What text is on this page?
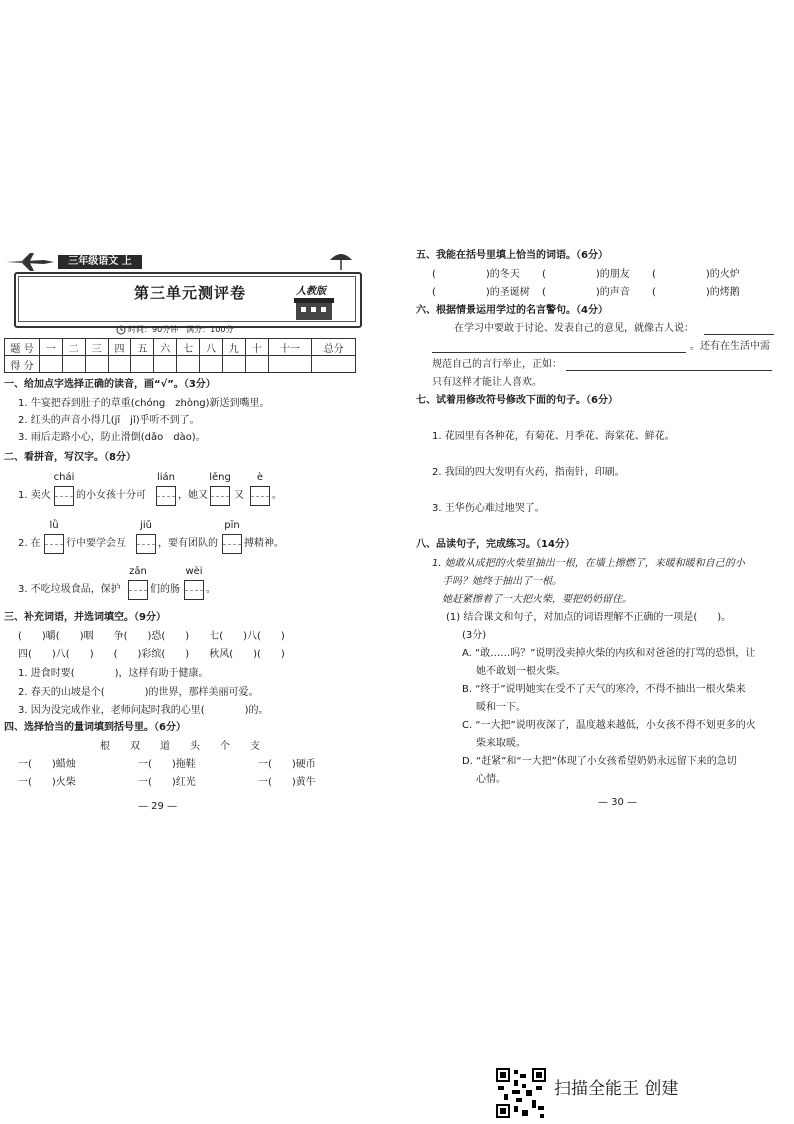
三年级语文 上
第三单元测评卷	人教版
时间：90分钟　满分：100分
题 号	一	二	三	四	五	六	七	八	九	十	十一	总分
得 分												
一、给加点字选择正确的读音，画“√”。（3分）
1. 牛宴把吞到肚子的草重(chóng　zhòng)新送到嘴里。
2. 红头的声音小得几(jī　jǐ)乎听不到了。
3. 雨后走路小心，防止滑倒(dǎo　dào)。
二、看拼音，写汉字。（8分）
chái	lián	lěng	è
1. 卖火	的小女孩十分可	，她又	又	。
lǜ	jiǔ	pīn
2. 在	行中要学会互	，要有团队的	搏精神。
zǎn	wèi
3. 不吃垃圾食品，保护	们的肠	。
三、补充词语，并选词填空。（9分）
(　　)嚼(　　)咽　　争(　　)恐(　　)　　七(　　)八(　　)
四(　　)八(　　)　　(　　)彩缤(　　)　　秋风(　　)(　　)
1. 进食时要(　　　　)，这样有助于健康。
2. 春天的山坡是个(　　　　)的世界，那样美丽可爱。
3. 因为没完成作业，老师问起时我的心里(　　　　)的。
四、选择恰当的量词填到括号里。（6分）
根　　双　　道　　头　　个　　支
一(　　)蜡烛	一(　　)拖鞋	一(　　)硬币
一(　　)火柴	一(　　)红光	一(　　)黄牛
— 29 —
五、我能在括号里填上恰当的词语。（6分）
(　　　　　)的冬天 (　　　　　)的朋友 (　　　　　)的火炉
(　　　　　)的圣诞树 (　　　　　)的声音 (　　　　　)的烤鹅
六、根据情景运用学过的名言警句。（4分）
在学习中要敢于讨论、发表自己的意见，就像古人说：
。还有在生活中需
规范自己的言行举止，正如：
只有这样才能让人喜欢。
七、试着用修改符号修改下面的句子。（6分）
1. 花园里有各种花，有菊花、月季花、海棠花、鲜花。
2. 我国的四大发明有火药，指南针，印刷。
3. 王华伤心难过地哭了。
八、品读句子，完成练习。（14分）
1. 她敢从成把的火柴里抽出一根，在墙上擦燃了，来暖和暖和自己的小
手吗？她终于抽出了一根。
她赶紧擦着了一大把火柴，要把奶奶留住。
(1) 结合课文和句子，对加点的词语理解不正确的一项是(　　)。
(3分)
A. “敢……吗？”说明没卖掉火柴的内疚和对爸爸的打骂的恐惧，让
她不敢划一根火柴。
B. “终于”说明她实在受不了天气的寒冷，不得不抽出一根火柴来
暖和一下。
C. “一大把”说明夜深了，温度越来越低，小女孩不得不划更多的火
柴来取暖。
D. “赶紧”和“一大把”体现了小女孩希望奶奶永远留下来的急切
心情。
— 30 —
扫描全能王 创建
